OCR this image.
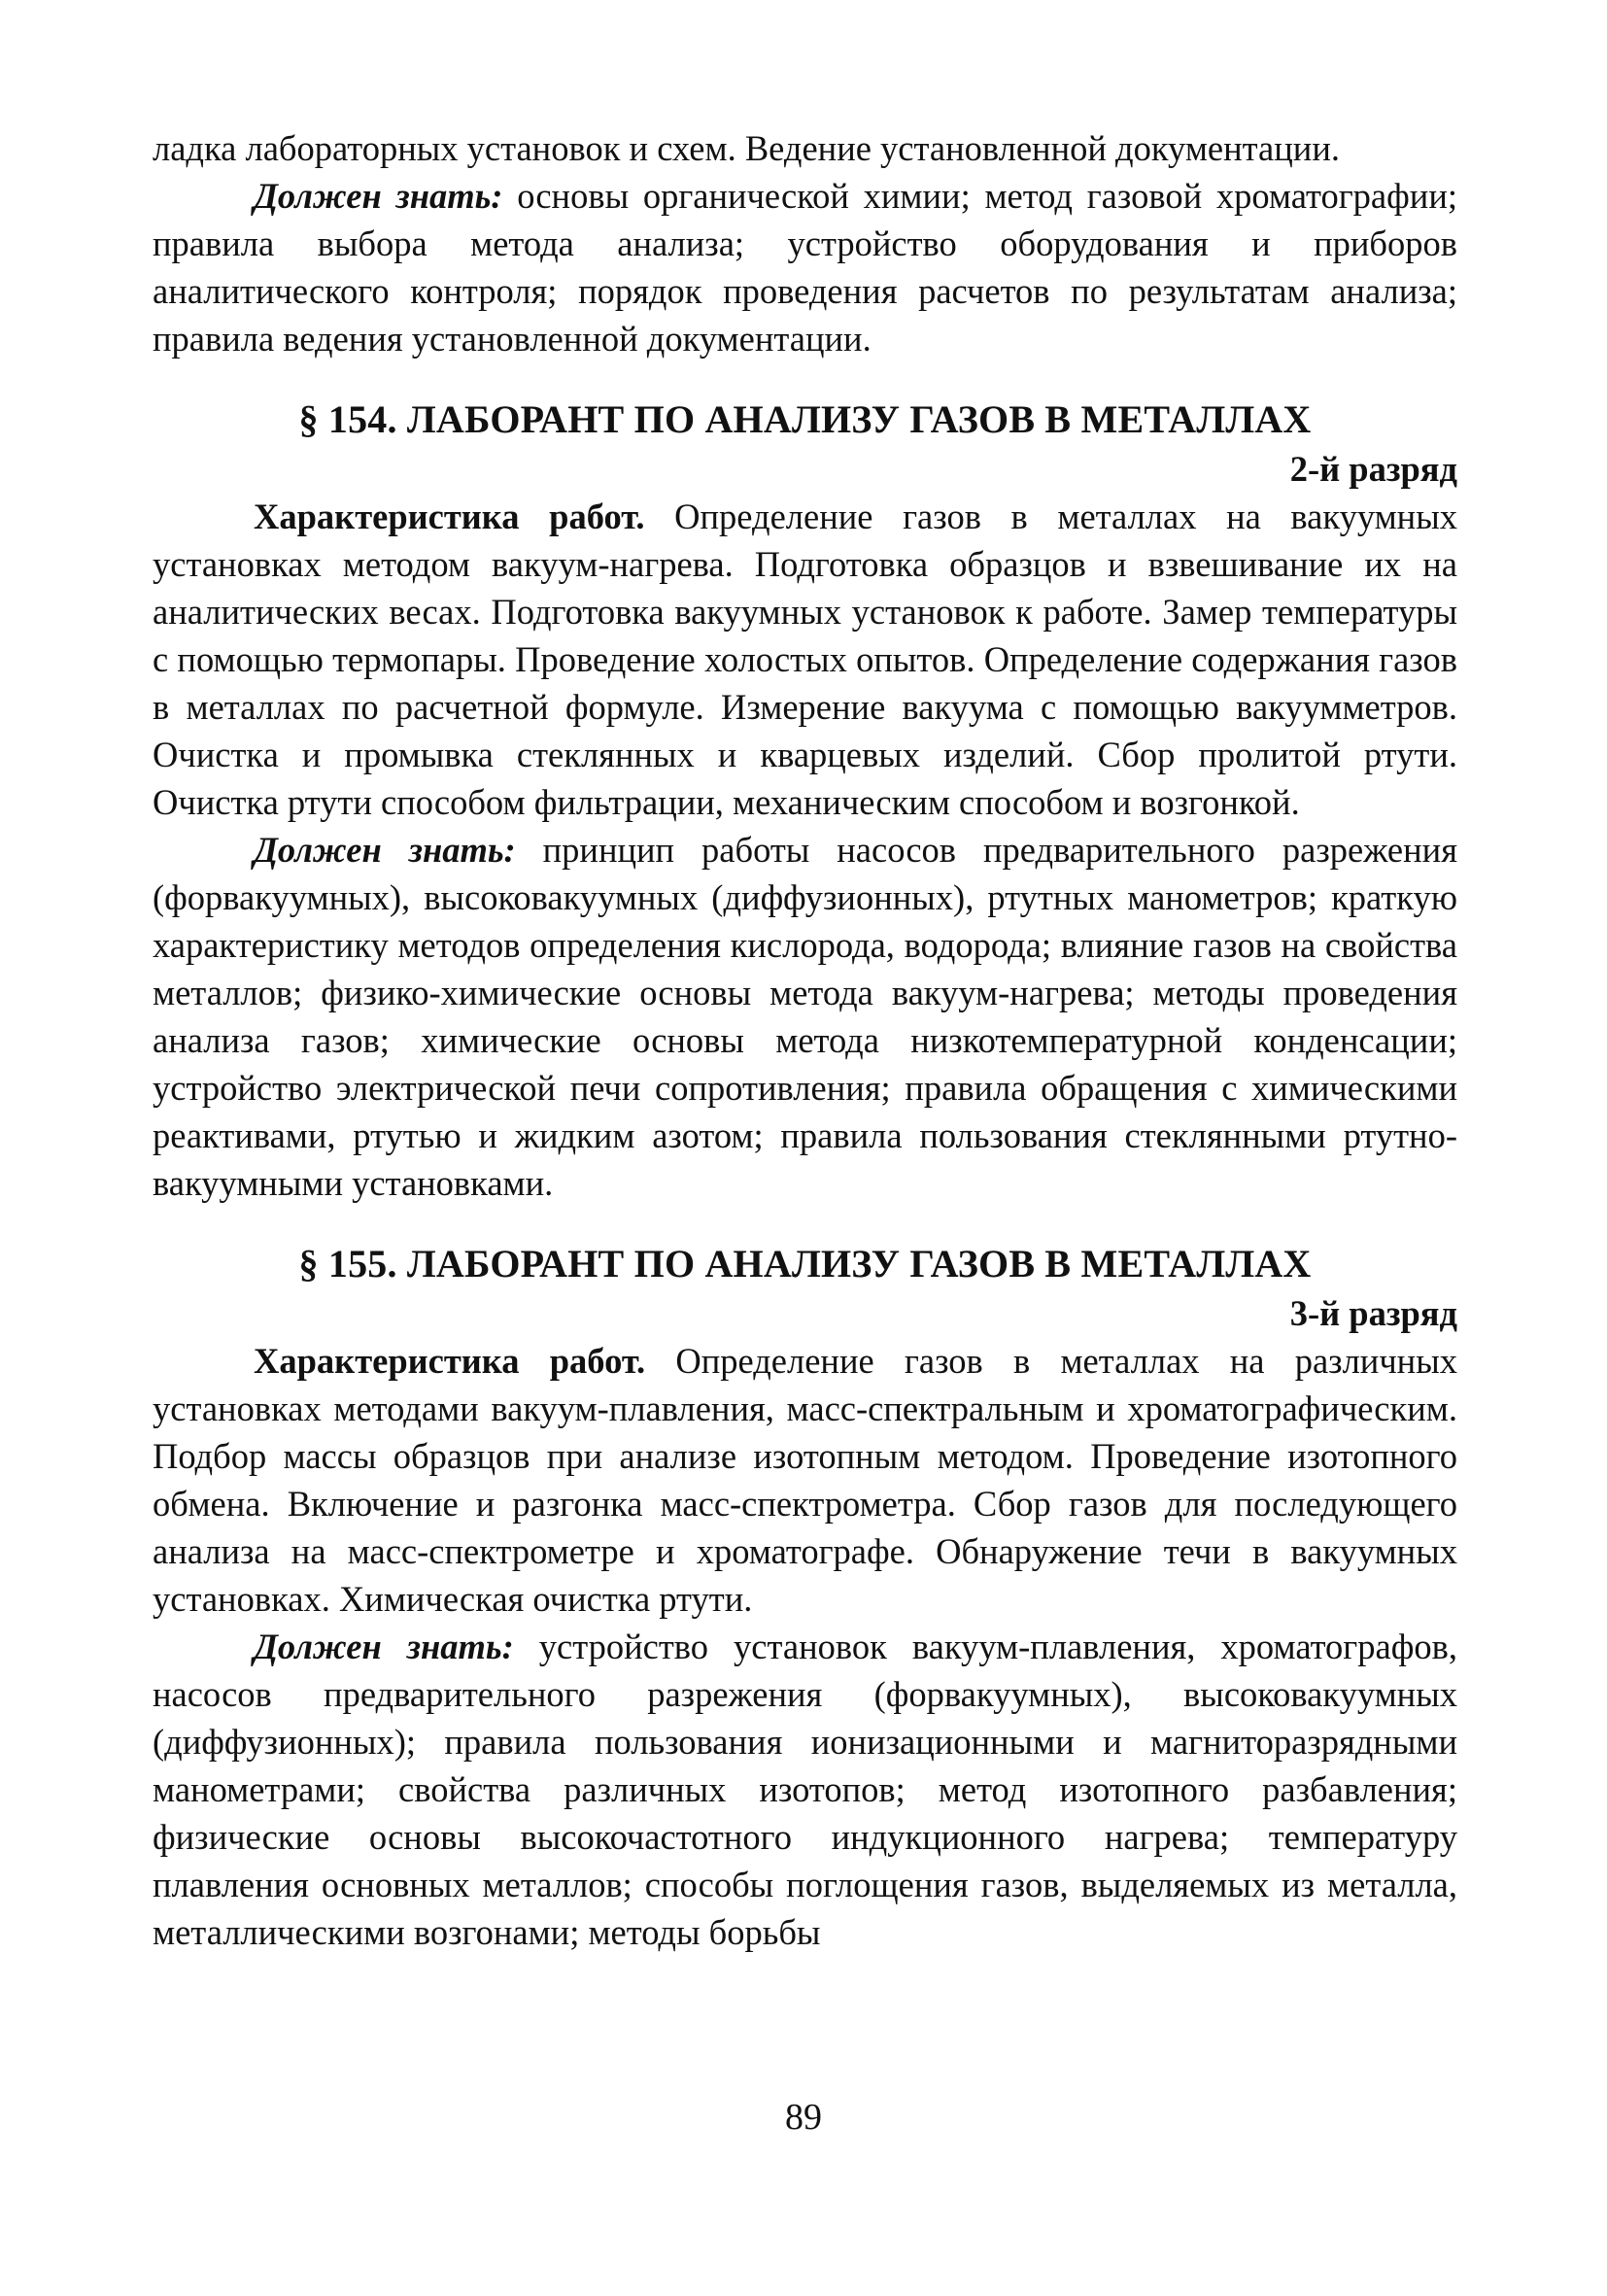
ладка лабораторных установок и схем. Ведение установленной документации.

Должен знать: основы органической химии; метод газовой хроматографии; правила выбора метода анализа; устройство оборудования и приборов аналитического контроля; порядок проведения расчетов по результатам анализа; правила ведения установленной документации.

§ 154. ЛАБОРАНТ ПО АНАЛИЗУ ГАЗОВ В МЕТАЛЛАХ
2-й разряд

Характеристика работ. Определение газов в металлах на вакуумных установках методом вакуум-нагрева. Подготовка образцов и взвешивание их на аналитических весах. Подготовка вакуумных установок к работе. Замер температуры с помощью термопары. Проведение холостых опытов. Определение содержания газов в металлах по расчетной формуле. Измерение вакуума с помощью вакуумметров. Очистка и промывка стеклянных и кварцевых изделий. Сбор пролитой ртути. Очистка ртути способом фильтрации, механическим способом и возгонкой.

Должен знать: принцип работы насосов предварительного разрежения (форвакуумных), высоковакуумных (диффузионных), ртутных манометров; краткую характеристику методов определения кислорода, водорода; влияние газов на свойства металлов; физико-химические основы метода вакуум-нагрева; методы проведения анализа газов; химические основы метода низкотемпературной конденсации; устройство электрической печи сопротивления; правила обращения с химическими реактивами, ртутью и жидким азотом; правила пользования стеклянными ртутно-вакуумными установками.

§ 155. ЛАБОРАНТ ПО АНАЛИЗУ ГАЗОВ В МЕТАЛЛАХ
3-й разряд

Характеристика работ. Определение газов в металлах на различных установках методами вакуум-плавления, масс-спектральным и хроматографическим. Подбор массы образцов при анализе изотопным методом. Проведение изотопного обмена. Включение и разгонка масс-спектрометра. Сбор газов для последующего анализа на масс-спектрометре и хроматографе. Обнаружение течи в вакуумных установках. Химическая очистка ртути.

Должен знать: устройство установок вакуум-плавления, хроматографов, насосов предварительного разрежения (форвакуумных), высоковакуумных (диффузионных); правила пользования ионизационными и магниторазрядными манометрами; свойства различных изотопов; метод изотопного разбавления; физические основы высокочастотного индукционного нагрева; температуру плавления основных металлов; способы поглощения газов, выделяемых из металла, металлическими возгонами; методы борьбы

89
